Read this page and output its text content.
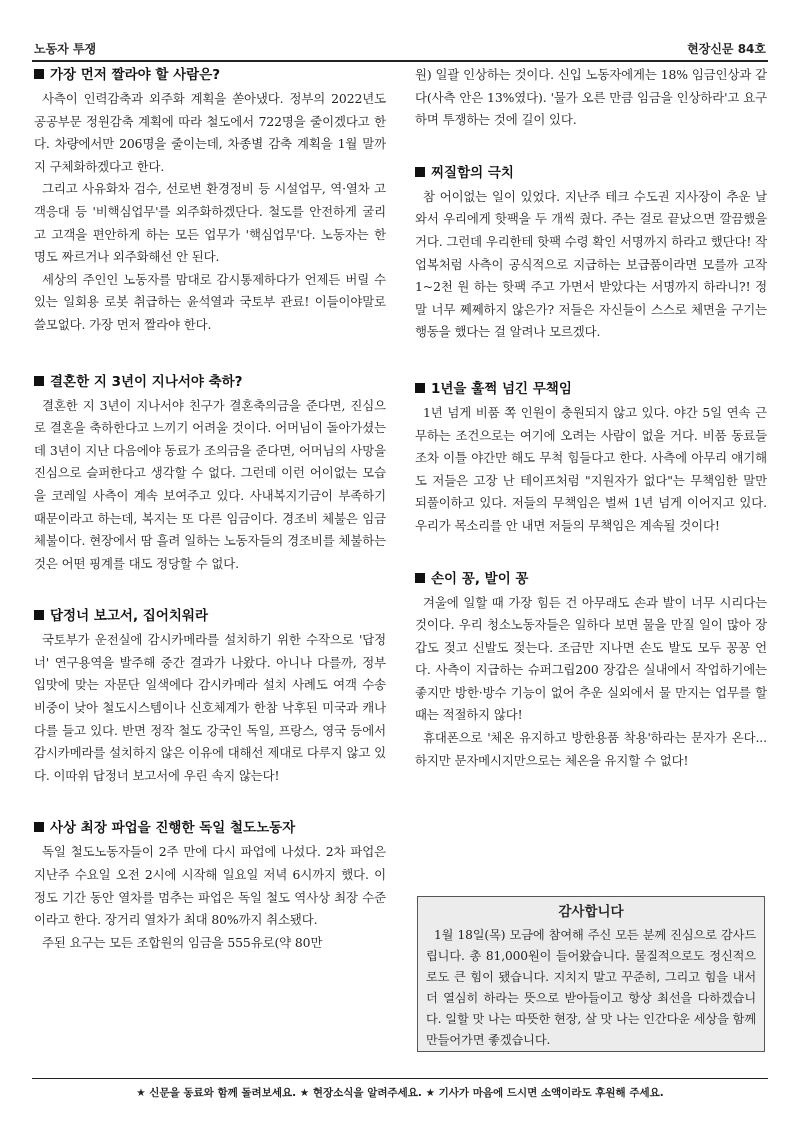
노동자 투쟁	현장신문 84호
가장 먼저 짤라야 할 사람은?

사측이 인력감축과 외주화 계획을 쏟아냈다. 정부의 2022년도 공공부문 정원감축 계획에 따라 철도에서 722명을 줄이겠다고 한다. 차량에서만 206명을 줄이는데, 차종별 감축 계획을 1월 말까지 구체화하겠다고 한다.

그리고 사유화차 검수, 선로변 환경정비 등 시설업무, 역·열차 고객응대 등 '비핵심업무'를 외주화하겠단다. 철도를 안전하게 굴리고 고객을 편안하게 하는 모든 업무가 '핵심업무'다. 노동자는 한 명도 짜르거나 외주화해선 안 된다.

세상의 주인인 노동자를 맘대로 감시통제하다가 언제든 버릴 수 있는 일회용 로봇 취급하는 윤석열과 국토부 관료! 이들이야말로 쓸모없다. 가장 먼저 짤라야 한다.

결혼한 지 3년이 지나서야 축하?

결혼한 지 3년이 지나서야 친구가 결혼축의금을 준다면, 진심으로 결혼을 축하한다고 느끼기 어려울 것이다. 어머님이 돌아가셨는데 3년이 지난 다음에야 동료가 조의금을 준다면, 어머님의 사망을 진심으로 슬퍼한다고 생각할 수 없다. 그런데 이런 어이없는 모습을 코레일 사측이 계속 보여주고 있다. 사내복지기금이 부족하기 때문이라고 하는데, 복지는 또 다른 임금이다. 경조비 체불은 임금 체불이다. 현장에서 땀 흘려 일하는 노동자들의 경조비를 체불하는 것은 어떤 핑계를 대도 정당할 수 없다.

답정너 보고서, 집어치워라

국토부가 운전실에 감시카메라를 설치하기 위한 수작으로 '답정너' 연구용역을 발주해 중간 결과가 나왔다. 아니나 다를까, 정부 입맛에 맞는 자문단 일색에다 감시카메라 설치 사례도 여객 수송 비중이 낮아 철도시스템이나 신호체계가 한참 낙후된 미국과 캐나다를 들고 있다. 반면 정작 철도 강국인 독일, 프랑스, 영국 등에서 감시카메라를 설치하지 않은 이유에 대해선 제대로 다루지 않고 있다. 이따위 답정너 보고서에 우린 속지 않는다!

사상 최장 파업을 진행한 독일 철도노동자

독일 철도노동자들이 2주 만에 다시 파업에 나섰다. 2차 파업은 지난주 수요일 오전 2시에 시작해 일요일 저녁 6시까지 했다. 이 정도 기간 동안 열차를 멈추는 파업은 독일 철도 역사상 최장 수준이라고 한다. 장거리 열차가 최대 80%까지 취소됐다.

주된 요구는 모든 조합원의 임금을 555유로(약 80만

원) 일괄 인상하는 것이다. 신입 노동자에게는 18% 임금인상과 같다(사측 안은 13%였다). '물가 오른 만큼 임금을 인상하라'고 요구하며 투쟁하는 것에 길이 있다.

찌질함의 극치

참 어이없는 일이 있었다. 지난주 테크 수도권 지사장이 추운 날 와서 우리에게 핫팩을 두 개씩 줬다. 주는 걸로 끝났으면 깔끔했을 거다. 그런데 우리한테 핫팩 수령 확인 서명까지 하라고 했단다! 작업복처럼 사측이 공식적으로 지급하는 보급품이라면 모를까 고작 1~2천 원 하는 핫팩 주고 가면서 받았다는 서명까지 하라니?! 정말 너무 쩨쩨하지 않은가? 저들은 자신들이 스스로 체면을 구기는 행동을 했다는 걸 알려나 모르겠다.

1년을 훌쩍 넘긴 무책임

1년 넘게 비품 쪽 인원이 충원되지 않고 있다. 야간 5일 연속 근무하는 조건으로는 여기에 오려는 사람이 없을 거다. 비품 동료들조차 이틀 야간만 해도 무척 힘들다고 한다. 사측에 아무리 얘기해도 저들은 고장 난 테이프처럼 "지원자가 없다"는 무책임한 말만 되풀이하고 있다. 저들의 무책임은 벌써 1년 넘게 이어지고 있다. 우리가 목소리를 안 내면 저들의 무책임은 계속될 것이다!

손이 꽁, 발이 꽁

겨울에 일할 때 가장 힘든 건 아무래도 손과 발이 너무 시리다는 것이다. 우리 청소노동자들은 일하다 보면 물을 만질 일이 많아 장갑도 젖고 신발도 젖는다. 조금만 지나면 손도 발도 모두 꽁꽁 언다. 사측이 지급하는 슈퍼그립200 장갑은 실내에서 작업하기에는 좋지만 방한·방수 기능이 없어 추운 실외에서 물 만지는 업무를 할 때는 적절하지 않다!

휴대폰으로 '체온 유지하고 방한용품 착용'하라는 문자가 온다... 하지만 문자메시지만으로는 체온을 유지할 수 없다!

감사합니다

1월 18일(목) 모금에 참여해 주신 모든 분께 진심으로 감사드립니다. 총 81,000원이 들어왔습니다. 물질적으로도 정신적으로도 큰 힘이 됐습니다. 지치지 말고 꾸준히, 그리고 힘을 내서 더 열심히 하라는 뜻으로 받아들이고 항상 최선을 다하겠습니다. 일할 맛 나는 따뜻한 현장, 살 맛 나는 인간다운 세상을 함께 만들어가면 좋겠습니다.

★ 신문을 동료와 함께 돌려보세요. ★ 현장소식을 알려주세요. ★ 기사가 마음에 드시면 소액이라도 후원해 주세요.
